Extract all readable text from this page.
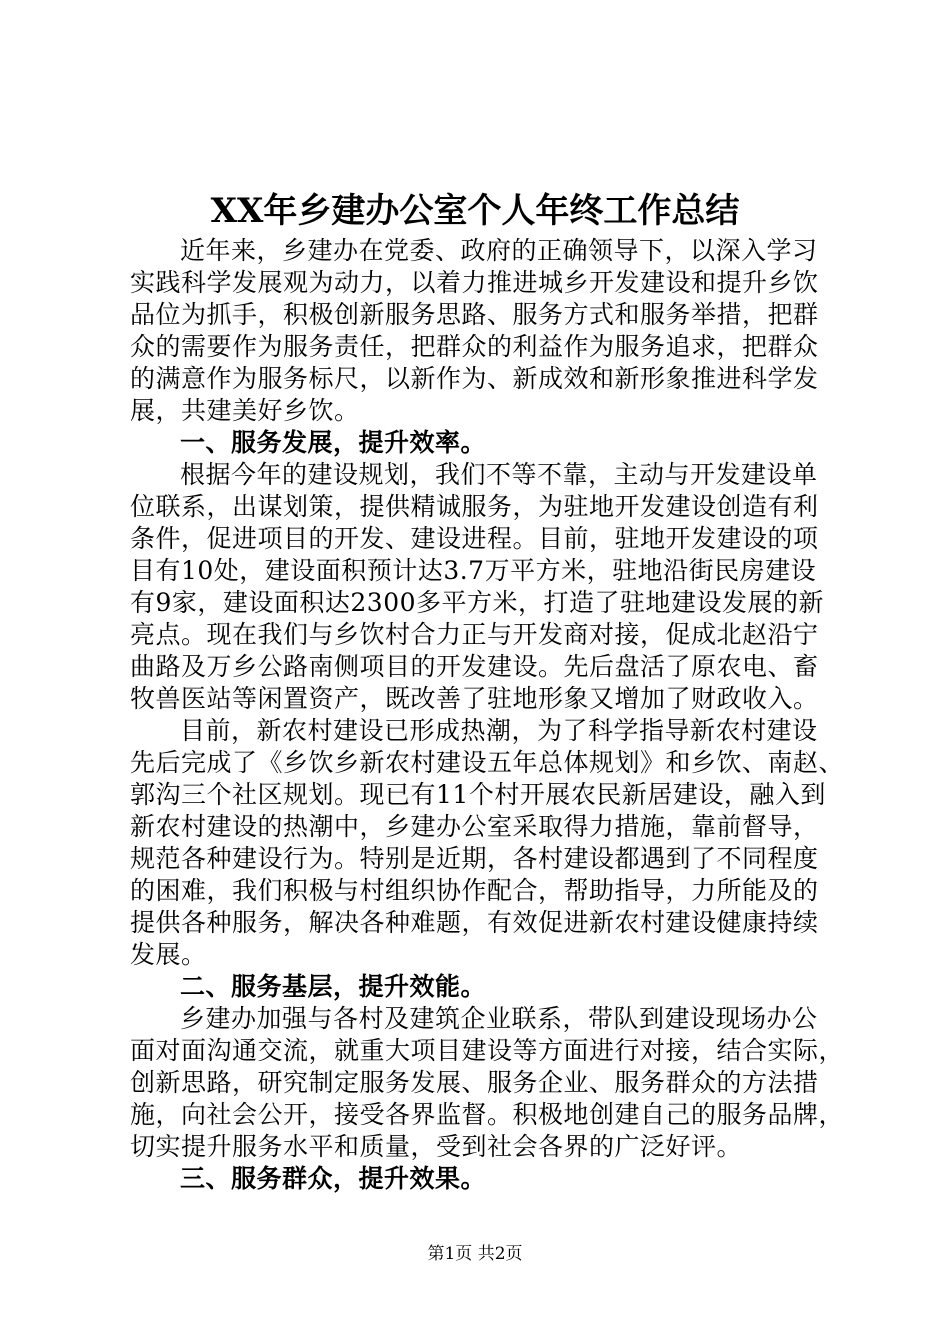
XX年乡建办公室个人年终工作总结
近年来，乡建办在党委、政府的正确领导下，以深入学习
实践科学发展观为动力，以着力推进城乡开发建设和提升乡饮
品位为抓手，积极创新服务思路、服务方式和服务举措，把群
众的需要作为服务责任，把群众的利益作为服务追求，把群众
的满意作为服务标尺，以新作为、新成效和新形象推进科学发
展，共建美好乡饮。
一、服务发展，提升效率。
根据今年的建设规划，我们不等不靠，主动与开发建设单
位联系，出谋划策，提供精诚服务，为驻地开发建设创造有利
条件，促进项目的开发、建设进程。目前，驻地开发建设的项
目有10处，建设面积预计达3.7万平方米，驻地沿街民房建设
有9家，建设面积达2300多平方米，打造了驻地建设发展的新
亮点。现在我们与乡饮村合力正与开发商对接，促成北赵沿宁
曲路及万乡公路南侧项目的开发建设。先后盘活了原农电、畜
牧兽医站等闲置资产，既改善了驻地形象又增加了财政收入。
目前，新农村建设已形成热潮，为了科学指导新农村建设
先后完成了《乡饮乡新农村建设五年总体规划》和乡饮、南赵、
郭沟三个社区规划。现已有11个村开展农民新居建设，融入到
新农村建设的热潮中，乡建办公室采取得力措施，靠前督导，
规范各种建设行为。特别是近期，各村建设都遇到了不同程度
的困难，我们积极与村组织协作配合，帮助指导，力所能及的
提供各种服务，解决各种难题，有效促进新农村建设健康持续
发展。
二、服务基层，提升效能。
乡建办加强与各村及建筑企业联系，带队到建设现场办公
面对面沟通交流，就重大项目建设等方面进行对接，结合实际，
创新思路，研究制定服务发展、服务企业、服务群众的方法措
施，向社会公开，接受各界监督。积极地创建自己的服务品牌，
切实提升服务水平和质量，受到社会各界的广泛好评。
三、服务群众，提升效果。
第1页 共2页
